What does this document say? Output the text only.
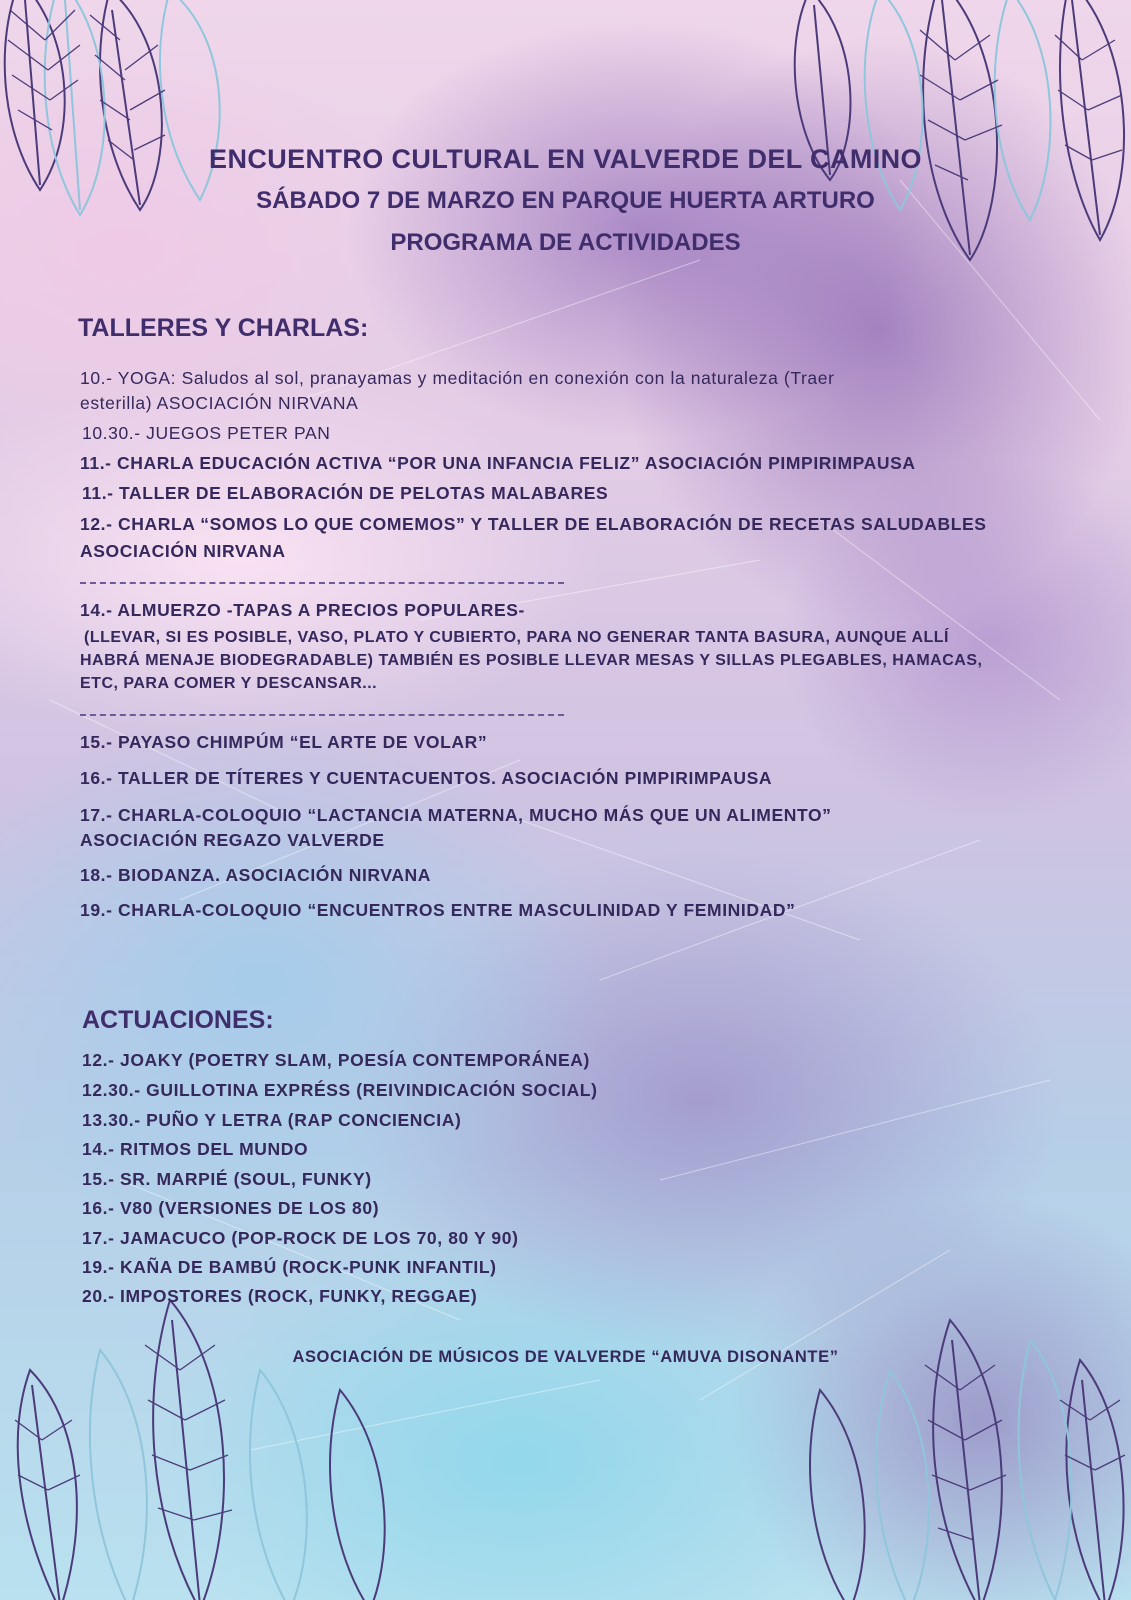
ENCUENTRO CULTURAL EN VALVERDE DEL CAMINO
SÁBADO 7 DE MARZO EN PARQUE HUERTA ARTURO
PROGRAMA DE ACTIVIDADES
TALLERES Y CHARLAS:

10.- YOGA: Saludos al sol, pranayamas y meditación en conexión con la naturaleza (Traer

esterilla) ASOCIACIÓN NIRVANA

10.30.- JUEGOS PETER PAN

11.- CHARLA EDUCACIÓN ACTIVA “POR UNA INFANCIA FELIZ” ASOCIACIÓN PIMPIRIMPAUSA

11.- TALLER DE ELABORACIÓN DE PELOTAS MALABARES

12.- CHARLA “SOMOS LO QUE COMEMOS” Y TALLER DE ELABORACIÓN DE RECETAS SALUDABLES

ASOCIACIÓN NIRVANA

14.- ALMUERZO -TAPAS A PRECIOS POPULARES-

(LLEVAR, SI ES POSIBLE, VASO, PLATO Y CUBIERTO, PARA NO GENERAR TANTA BASURA, AUNQUE ALLÍ

HABRÁ MENAJE BIODEGRADABLE) TAMBIÉN ES POSIBLE LLEVAR MESAS Y SILLAS PLEGABLES, HAMACAS,

ETC, PARA COMER Y DESCANSAR...

15.- PAYASO CHIMPÚM “EL ARTE DE VOLAR”

16.- TALLER DE TÍTERES Y CUENTACUENTOS. ASOCIACIÓN PIMPIRIMPAUSA

17.- CHARLA-COLOQUIO “LACTANCIA MATERNA, MUCHO MÁS QUE UN ALIMENTO”

ASOCIACIÓN REGAZO VALVERDE

18.- BIODANZA. ASOCIACIÓN NIRVANA

19.- CHARLA-COLOQUIO “ENCUENTROS ENTRE MASCULINIDAD Y FEMINIDAD”

ACTUACIONES:

12.- JOAKY (POETRY SLAM, POESÍA CONTEMPORÁNEA)

12.30.- GUILLOTINA EXPRÉSS (REIVINDICACIÓN SOCIAL)

13.30.- PUÑO Y LETRA (RAP CONCIENCIA)

14.- RITMOS DEL MUNDO

15.- SR. MARPIÉ (SOUL, FUNKY)

16.- V80 (VERSIONES DE LOS 80)

17.- JAMACUCO (POP-ROCK DE LOS 70, 80 Y 90)

19.- KAÑA DE BAMBÚ (ROCK-PUNK INFANTIL)

20.- IMPOSTORES (ROCK, FUNKY, REGGAE)

ASOCIACIÓN DE MÚSICOS DE VALVERDE “AMUVA DISONANTE”
